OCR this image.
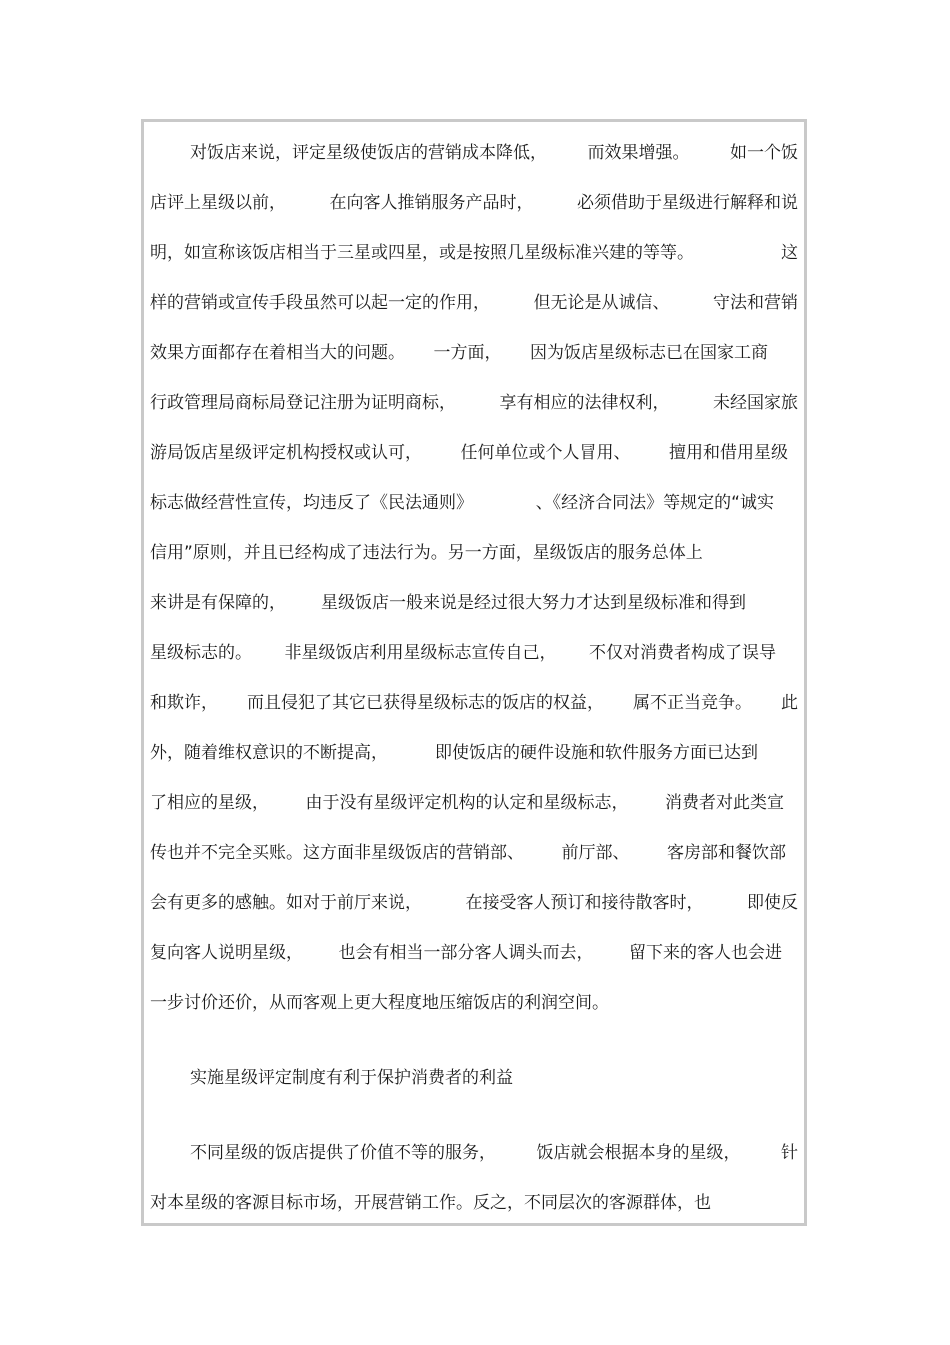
对饭店来说，评定星级使饭店的营销成本降低， 而效果增强。 如一个饭
店评上星级以前，	在向客人推销服务产品时，	必须借助于星级进行解释和说
明，如宣称该饭店相当于三星或四星，或是按照几星级标准兴建的等等。	这
样的营销或宣传手段虽然可以起一定的作用，	但无论是从诚信、	守法和营销
效果方面都存在着相当大的问题。 一方面， 因为饭店星级标志已在国家工商
行政管理局商标局登记注册为证明商标，	享有相应的法律权利，	未经国家旅
游局饭店星级评定机构授权或认可， 任何单位或个人冒用、 擅用和借用星级
标志做经营性宣传，均违反了《民法通则》	、《经济合同法》等规定的“诚实
信用”原则，并且已经构成了违法行为。另一方面，星级饭店的服务总体上
来讲是有保障的， 星级饭店一般来说是经过很大努力才达到星级标准和得到
星级标志的。 非星级饭店利用星级标志宣传自己， 不仅对消费者构成了误导
和欺诈， 而且侵犯了其它已获得星级标志的饭店的权益， 属不正当竞争。 此
外，随着维权意识的不断提高，	即使饭店的硬件设施和软件服务方面已达到
了相应的星级， 由于没有星级评定机构的认定和星级标志， 消费者对此类宣
传也并不完全买账。这方面非星级饭店的营销部、 前厅部、 客房部和餐饮部
会有更多的感触。如对于前厅来说，	在接受客人预订和接待散客时，	即使反
复向客人说明星级， 也会有相当一部分客人调头而去， 留下来的客人也会进
一步讨价还价，从而客观上更大程度地压缩饭店的利润空间。
实施星级评定制度有利于保护消费者的利益
不同星级的饭店提供了价值不等的服务， 饭店就会根据本身的星级， 针
对本星级的客源目标市场，开展营销工作。反之，不同层次的客源群体，也
